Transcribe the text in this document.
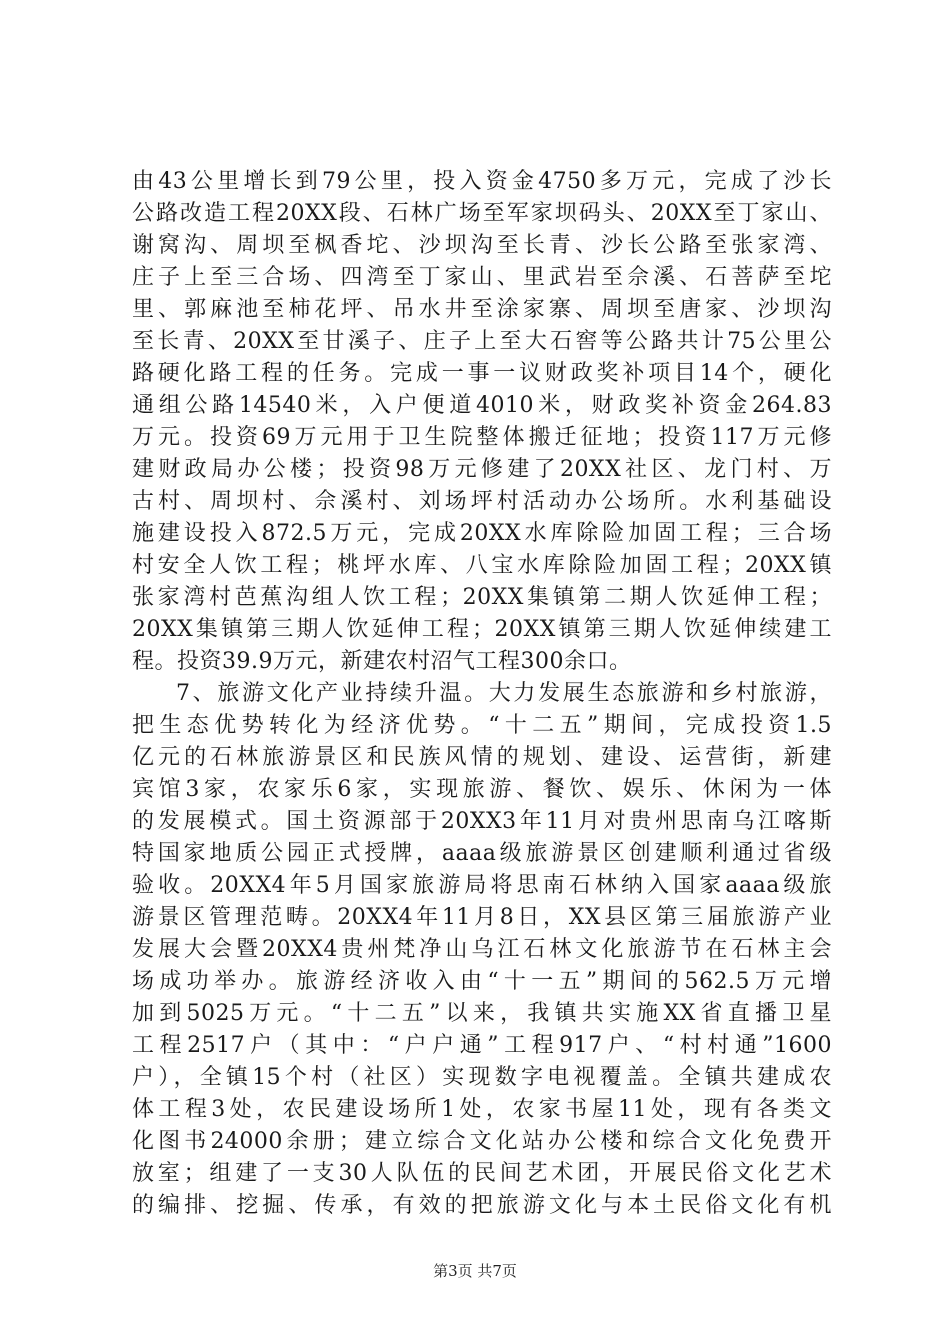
由43公里增长到79公里，投入资金4750多万元，完成了沙长
公路改造工程20XX段、石林广场至军家坝码头、20XX至丁家山、
谢窝沟、周坝至枫香坨、沙坝沟至长青、沙长公路至张家湾、
庄子上至三合场、四湾至丁家山、里武岩至佘溪、石菩萨至坨
里、郭麻池至柿花坪、吊水井至涂家寨、周坝至唐家、沙坝沟
至长青、20XX至甘溪子、庄子上至大石窖等公路共计75公里公
路硬化路工程的任务。完成一事一议财政奖补项目14个，硬化
通组公路14540米，入户便道4010米，财政奖补资金264.83
万元。投资69万元用于卫生院整体搬迁征地；投资117万元修
建财政局办公楼；投资98万元修建了20XX社区、龙门村、万
古村、周坝村、佘溪村、刘场坪村活动办公场所。水利基础设
施建设投入872.5万元，完成20XX水库除险加固工程；三合场
村安全人饮工程；桃坪水库、八宝水库除险加固工程；20XX镇
张家湾村芭蕉沟组人饮工程；20XX集镇第二期人饮延伸工程；
20XX集镇第三期人饮延伸工程；20XX镇第三期人饮延伸续建工
程。投资39.9万元，新建农村沼气工程300余口。
7、旅游文化产业持续升温。大力发展生态旅游和乡村旅游，
把生态优势转化为经济优势。“十二五”期间，完成投资1.5
亿元的石林旅游景区和民族风情的规划、建设、运营街，新建
宾馆3家，农家乐6家，实现旅游、餐饮、娱乐、休闲为一体
的发展模式。国土资源部于20XX3年11月对贵州思南乌江喀斯
特国家地质公园正式授牌，aaaa级旅游景区创建顺利通过省级
验收。20XX4年5月国家旅游局将思南石林纳入国家aaaa级旅
游景区管理范畴。20XX4年11月8日，XX县区第三届旅游产业
发展大会暨20XX4贵州梵净山乌江石林文化旅游节在石林主会
场成功举办。旅游经济收入由“十一五”期间的562.5万元增
加到5025万元。“十二五”以来，我镇共实施XX省直播卫星
工程2517户（其中：“户户通”工程917户、“村村通”1600
户），全镇15个村（社区）实现数字电视覆盖。全镇共建成农
体工程3处，农民建设场所1处，农家书屋11处，现有各类文
化图书24000余册；建立综合文化站办公楼和综合文化免费开
放室；组建了一支30人队伍的民间艺术团，开展民俗文化艺术
的编排、挖掘、传承，有效的把旅游文化与本土民俗文化有机
第3页 共7页
